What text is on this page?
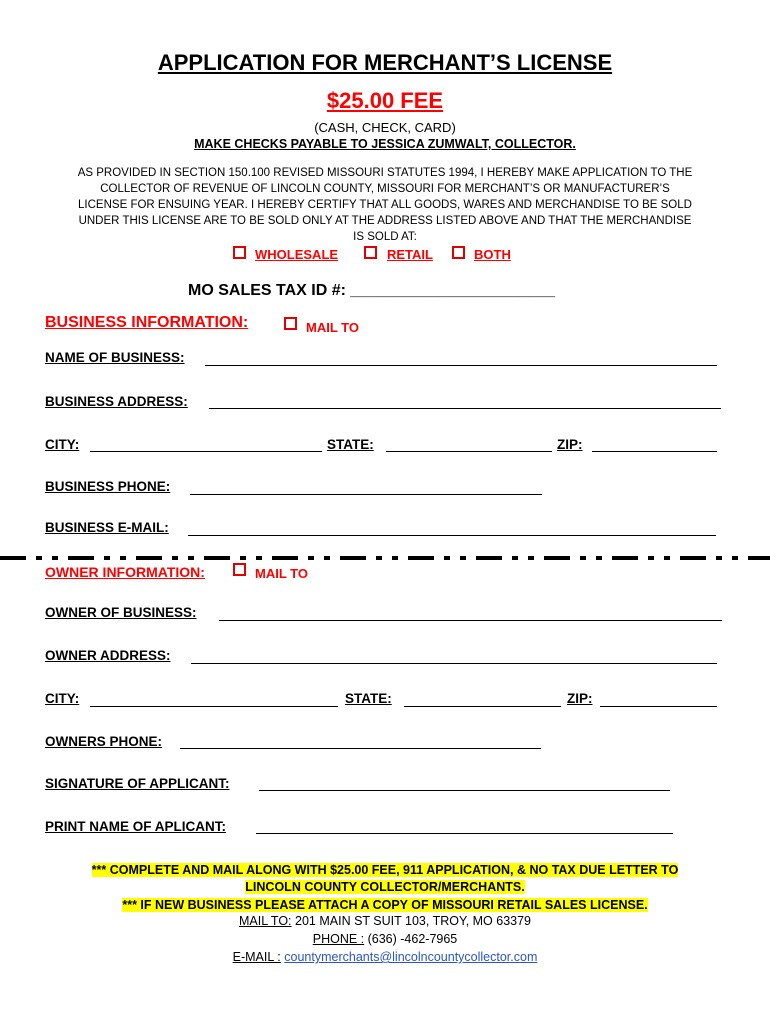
APPLICATION FOR MERCHANT’S LICENSE
$25.00 FEE
(CASH, CHECK, CARD)
MAKE CHECKS PAYABLE TO JESSICA ZUMWALT, COLLECTOR.
AS PROVIDED IN SECTION 150.100 REVISED MISSOURI STATUTES 1994, I HEREBY MAKE APPLICATION TO THE
COLLECTOR OF REVENUE OF LINCOLN COUNTY, MISSOURI FOR MERCHANT’S OR MANUFACTURER’S
LICENSE FOR ENSUING YEAR. I HEREBY CERTIFY THAT ALL GOODS, WARES AND MERCHANDISE TO BE SOLD
UNDER THIS LICENSE ARE TO BE SOLD ONLY AT THE ADDRESS LISTED ABOVE AND THAT THE MERCHANDISE
IS SOLD AT:
WHOLESALE	RETAIL	BOTH
MO SALES TAX ID #: _______________________
BUSINESS INFORMATION:	MAIL TO
NAME OF BUSINESS:
BUSINESS ADDRESS:
CITY:	STATE:	ZIP:
BUSINESS PHONE:
BUSINESS E-MAIL:
OWNER INFORMATION:	MAIL TO
OWNER OF BUSINESS:
OWNER ADDRESS:
CITY:	STATE:	ZIP:
OWNERS PHONE:
SIGNATURE OF APPLICANT:
PRINT NAME OF APLICANT:
*** COMPLETE AND MAIL ALONG WITH $25.00 FEE, 911 APPLICATION, & NO TAX DUE LETTER TO
LINCOLN COUNTY COLLECTOR/MERCHANTS.
*** IF NEW BUSINESS PLEASE ATTACH A COPY OF MISSOURI RETAIL SALES LICENSE.
MAIL TO: 201 MAIN ST SUIT 103, TROY, MO 63379
PHONE : (636) -462-7965
E-MAIL : countymerchants@lincolncountycollector.com
